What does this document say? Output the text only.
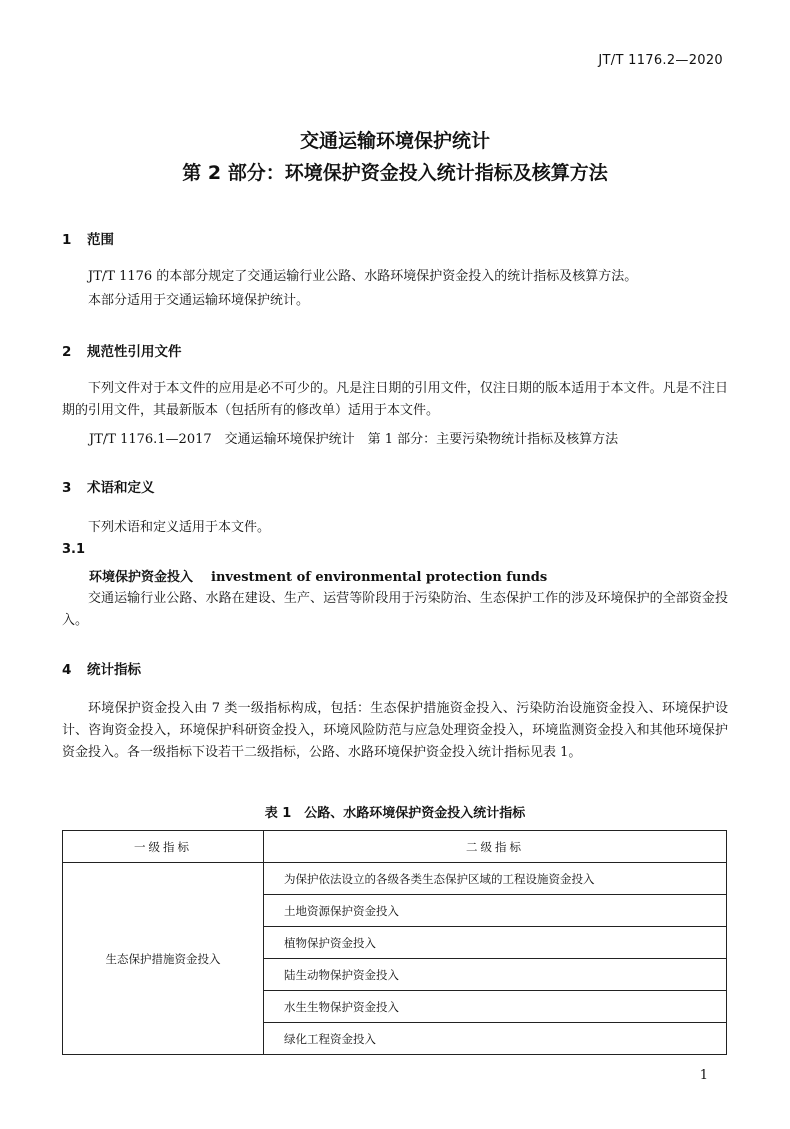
JT/T 1176.2—2020
交通运输环境保护统计
第 2 部分：环境保护资金投入统计指标及核算方法
1 范围
JT/T 1176 的本部分规定了交通运输行业公路、水路环境保护资金投入的统计指标及核算方法。
本部分适用于交通运输环境保护统计。
2 规范性引用文件
下列文件对于本文件的应用是必不可少的。凡是注日期的引用文件，仅注日期的版本适用于本文件。凡是不注日期的引用文件，其最新版本（包括所有的修改单）适用于本文件。
JT/T 1176.1—2017　交通运输环境保护统计　第 1 部分：主要污染物统计指标及核算方法
3 术语和定义
下列术语和定义适用于本文件。
3.1
环境保护资金投入 investment of environmental protection funds
交通运输行业公路、水路在建设、生产、运营等阶段用于污染防治、生态保护工作的涉及环境保护的全部资金投入。
4 统计指标
环境保护资金投入由 7 类一级指标构成，包括：生态保护措施资金投入、污染防治设施资金投入、环境保护设计、咨询资金投入，环境保护科研资金投入，环境风险防范与应急处理资金投入，环境监测资金投入和其他环境保护资金投入。各一级指标下设若干二级指标，公路、水路环境保护资金投入统计指标见表 1。
表 1　公路、水路环境保护资金投入统计指标
一级指标	二级指标
生态保护措施资金投入	为保护依法设立的各级各类生态保护区域的工程设施资金投入
	土地资源保护资金投入
	植物保护资金投入
	陆生动物保护资金投入
	水生生物保护资金投入
	绿化工程资金投入
1
